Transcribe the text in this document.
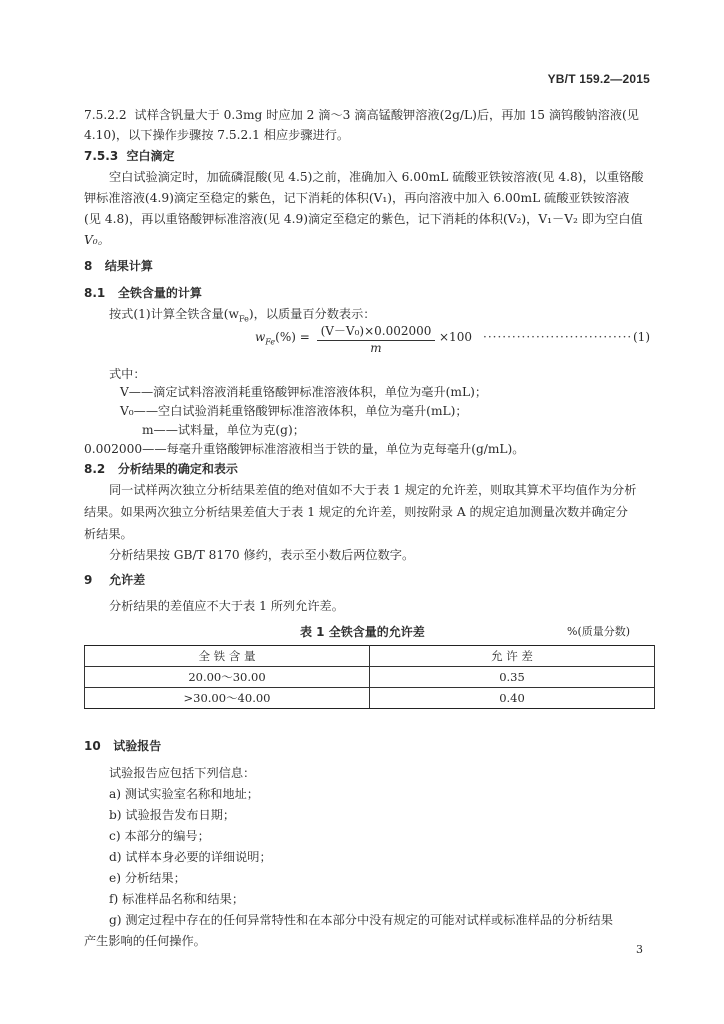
YB/T 159.2—2015
7.5.2.2 试样含钒量大于 0.3mg 时应加 2 滴～3 滴高锰酸钾溶液(2g/L)后，再加 15 滴钨酸钠溶液(见
4.10)，以下操作步骤按 7.5.2.1 相应步骤进行。
7.5.3 空白滴定
空白试验滴定时，加硫磷混酸(见 4.5)之前，准确加入 6.00mL 硫酸亚铁铵溶液(见 4.8)，以重铬酸
钾标准溶液(4.9)滴定至稳定的紫色，记下消耗的体积(V₁)，再向溶液中加入 6.00mL 硫酸亚铁铵溶液
(见 4.8)，再以重铬酸钾标准溶液(见 4.9)滴定至稳定的紫色，记下消耗的体积(V₂)，V₁－V₂ 即为空白值
V₀。
8 结果计算
8.1 全铁含量的计算
按式(1)计算全铁含量$(w_{Fe})$，以质量百分数表示：
$w_{Fe}(\%) = \frac{\text{(V－V₀)×0.002000}}{m} \times 100$ ······························· (1)
式中：
V——滴定试料溶液消耗重铬酸钾标准溶液体积，单位为毫升(mL)；
V₀——空白试验消耗重铬酸钾标准溶液体积，单位为毫升(mL)；
m——试料量，单位为克(g)；
0.002000——每毫升重铬酸钾标准溶液相当于铁的量，单位为克每毫升(g/mL)。
8.2 分析结果的确定和表示
同一试样两次独立分析结果差值的绝对值如不大于表 1 规定的允许差，则取其算术平均值作为分析
结果。如果两次独立分析结果差值大于表 1 规定的允许差，则按附录 A 的规定追加测量次数并确定分
析结果。
分析结果按 GB/T 8170 修约，表示至小数后两位数字。
9 允许差
分析结果的差值应不大于表 1 所列允许差。
表 1 全铁含量的允许差	%(质量分数)
全 铁 含 量	允 许 差
20.00～30.00	0.35
>30.00～40.00	0.40
10 试验报告
试验报告应包括下列信息：
a) 测试实验室名称和地址；
b) 试验报告发布日期；
c) 本部分的编号；
d) 试样本身必要的详细说明；
e) 分析结果；
f) 标准样品名称和结果；
g) 测定过程中存在的任何异常特性和在本部分中没有规定的可能对试样或标准样品的分析结果
产生影响的任何操作。
3
